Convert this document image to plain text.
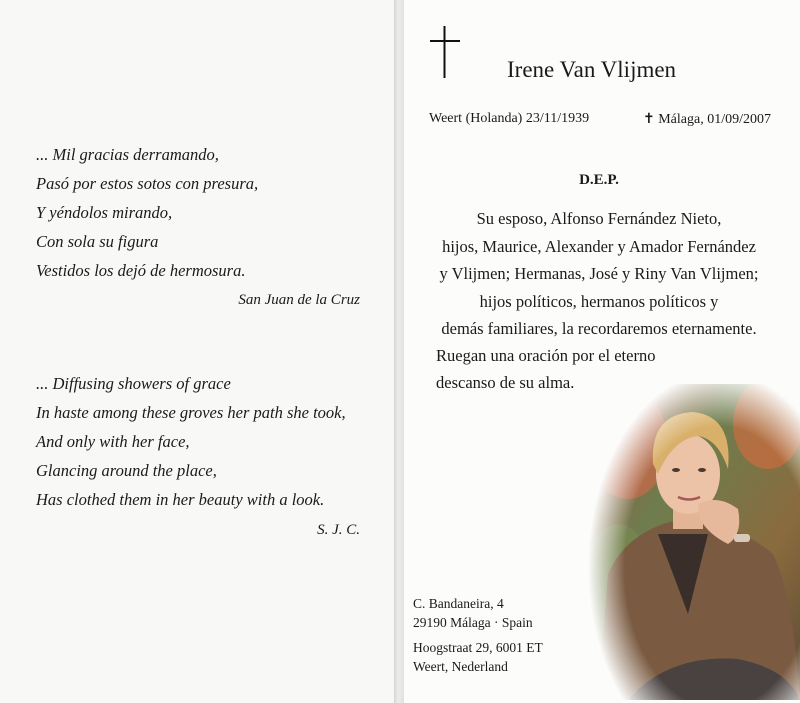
... Mil gracias derramando,
Pasó por estos sotos con presura,
Y yéndolos mirando,
Con sola su figura
Vestidos los dejó de hermosura.
San Juan de la Cruz
... Diffusing showers of grace
In haste among these groves her path she took,
And only with her face,
Glancing around the place,
Has clothed them in her beauty with a look.
S. J. C.
Irene Van Vlijmen
Weert (Holanda) 23/11/1939	✝ Málaga, 01/09/2007
D.E.P.
Su esposo, Alfonso Fernández Nieto,
hijos, Maurice, Alexander y Amador Fernández
y Vlijmen; Hermanas, José y Riny Van Vlijmen;
hijos políticos, hermanos políticos y
demás familiares, la recordaremos eternamente.
Ruegan una oración por el eterno
descanso de su alma.
C. Bandaneira, 4
29190 Málaga · Spain
Hoogstraat 29, 6001 ET
Weert, Nederland
